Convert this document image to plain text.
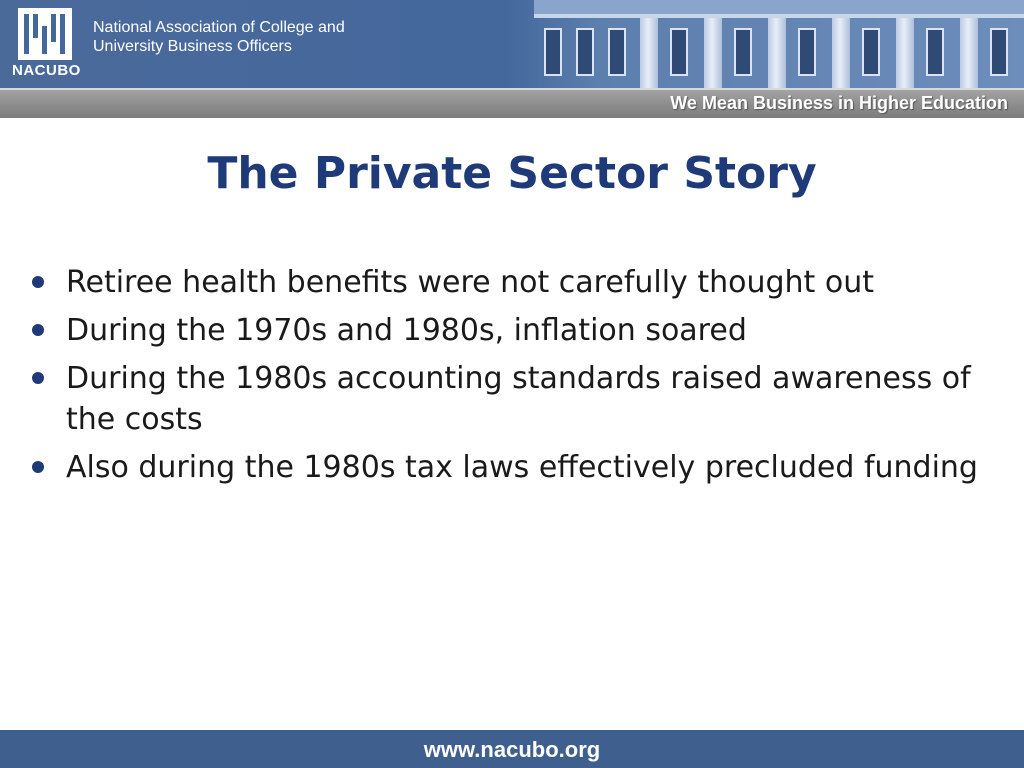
NACUBO
National Association of College and
University Business Officers
We Mean Business in Higher Education
The Private Sector Story
Retiree health benefits were not carefully thought out
During the 1970s and 1980s, inflation soared
During the 1980s accounting standards raised awareness of the costs
Also during the 1980s tax laws effectively precluded funding
www.nacubo.org
